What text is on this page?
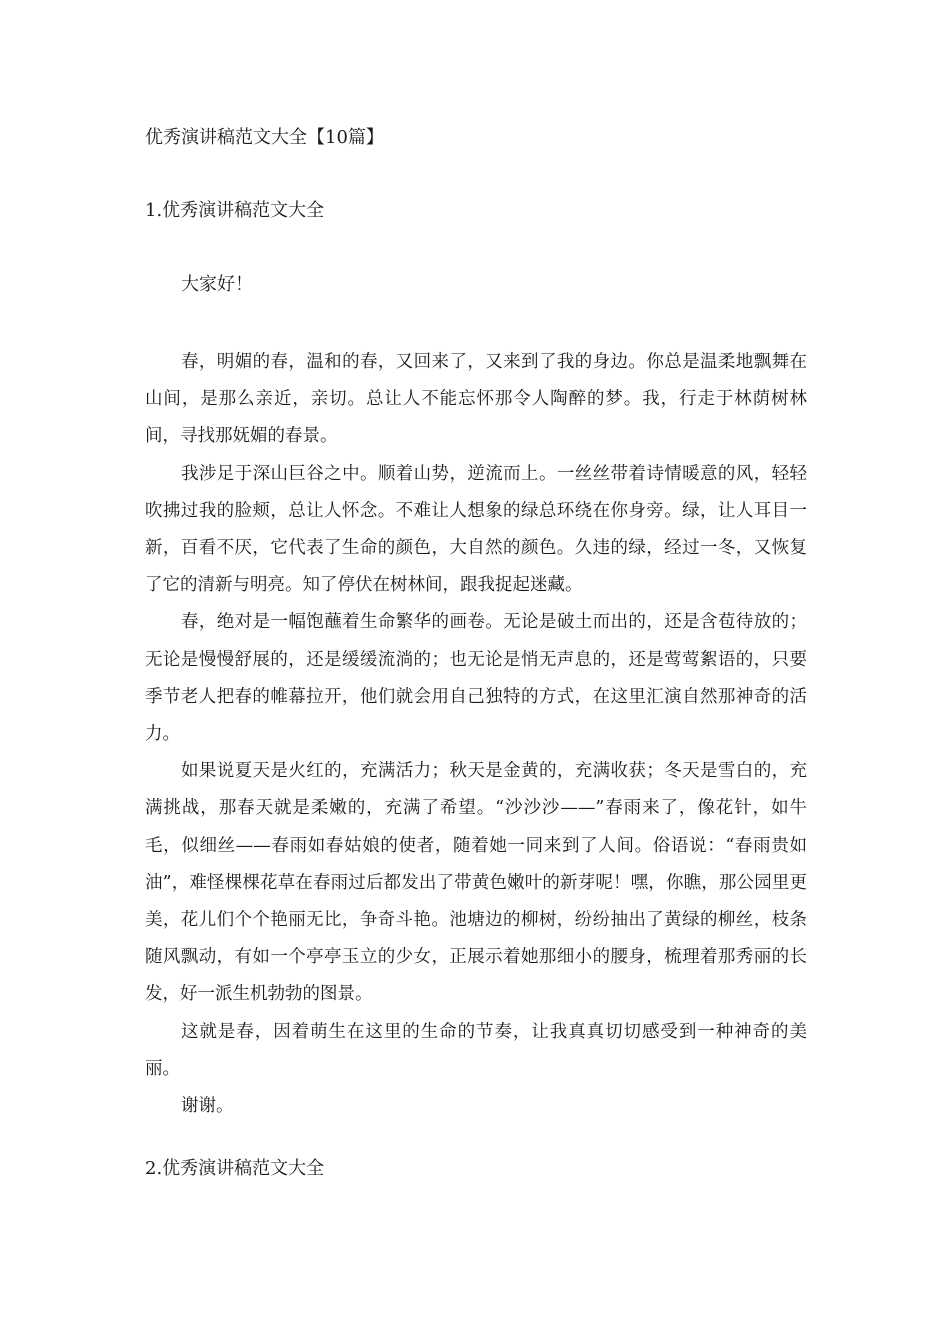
优秀演讲稿范文大全【10篇】
1.优秀演讲稿范文大全
大家好！

春，明媚的春，温和的春，又回来了，又来到了我的身边。你总是温柔地飘舞在山间，是那么亲近，亲切。总让人不能忘怀那令人陶醉的梦。我，行走于林荫树林间，寻找那妩媚的春景。

我涉足于深山巨谷之中。顺着山势，逆流而上。一丝丝带着诗情暖意的风，轻轻吹拂过我的脸颊，总让人怀念。不难让人想象的绿总环绕在你身旁。绿，让人耳目一新，百看不厌，它代表了生命的颜色，大自然的颜色。久违的绿，经过一冬，又恢复了它的清新与明亮。知了停伏在树林间，跟我捉起迷藏。

春，绝对是一幅饱蘸着生命繁华的画卷。无论是破土而出的，还是含苞待放的；无论是慢慢舒展的，还是缓缓流淌的；也无论是悄无声息的，还是莺莺絮语的，只要季节老人把春的帷幕拉开，他们就会用自己独特的方式，在这里汇演自然那神奇的活力。

如果说夏天是火红的，充满活力；秋天是金黄的，充满收获；冬天是雪白的，充满挑战，那春天就是柔嫩的，充满了希望。“沙沙沙——”春雨来了，像花针，如牛毛，似细丝——春雨如春姑娘的使者，随着她一同来到了人间。俗语说：“春雨贵如油”，难怪棵棵花草在春雨过后都发出了带黄色嫩叶的新芽呢！嘿，你瞧，那公园里更美，花儿们个个艳丽无比，争奇斗艳。池塘边的柳树，纷纷抽出了黄绿的柳丝，枝条随风飘动，有如一个亭亭玉立的少女，正展示着她那细小的腰身，梳理着那秀丽的长发，好一派生机勃勃的图景。

这就是春，因着萌生在这里的生命的节奏，让我真真切切感受到一种神奇的美丽。

谢谢。

2.优秀演讲稿范文大全
